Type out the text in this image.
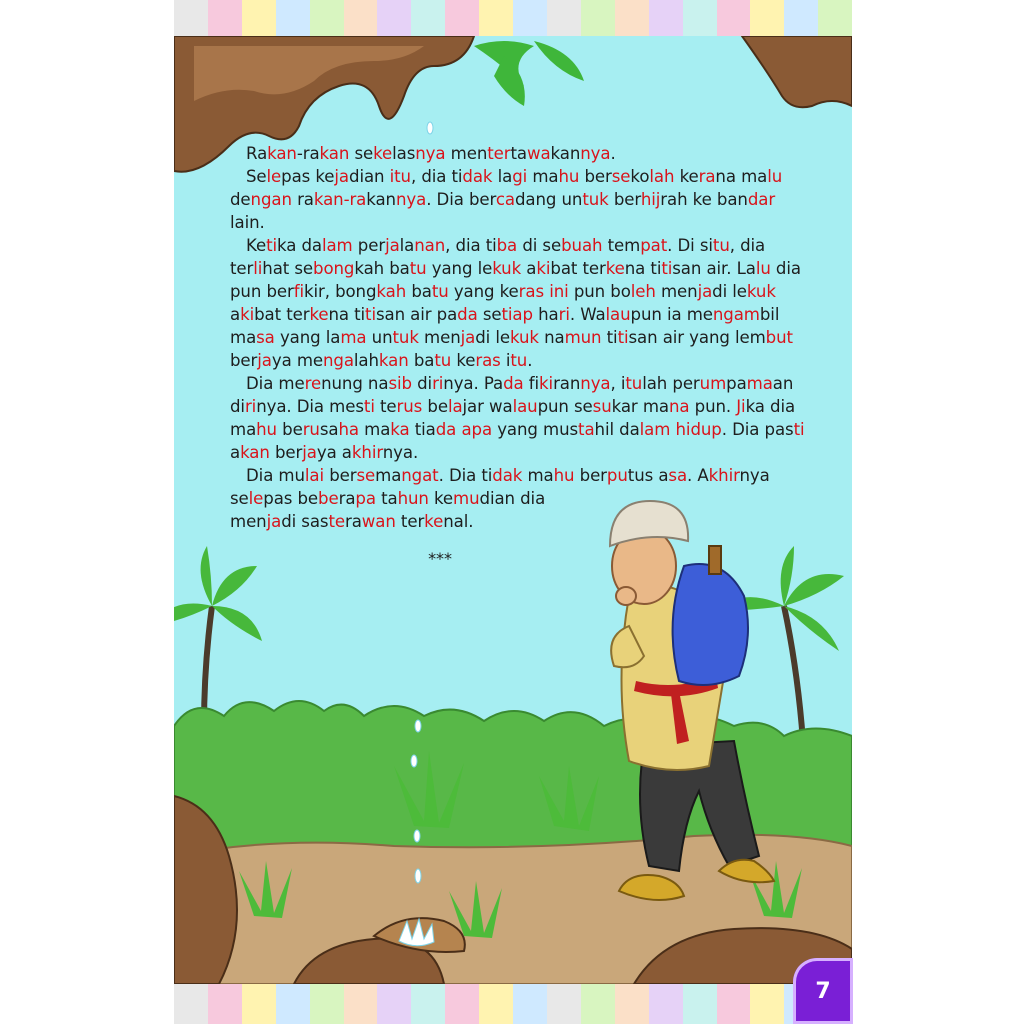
Rakan-rakan sekelasnya mentertawakannya.

Selepas kejadian itu, dia tidak lagi mahu bersekolah kerana malu dengan rakan-rakannya. Dia bercadang untuk berhijrah ke bandar lain.

Ketika dalam perjalanan, dia tiba di sebuah tempat. Di situ, dia terlihat sebongkah batu yang lekuk akibat terkena titisan air. Lalu dia pun berfikir, bongkah batu yang keras ini pun boleh menjadi lekuk akibat terkena titisan air pada setiap hari. Walaupun ia mengambil masa yang lama untuk menjadi lekuk namun titisan air yang lembut berjaya mengalahkan batu keras itu.

Dia merenung nasib dirinya. Pada fikirannya, itulah perumpamaan dirinya. Dia mesti terus belajar walaupun sesukar mana pun. Jika dia mahu berusaha maka tiada apa yang mustahil dalam hidup. Dia pasti akan berjaya akhirnya.

Dia mulai bersemangat. Dia tidak mahu berputus asa. Akhirnya

selepas beberapa tahun kemudian dia

menjadi sasterawan terkenal.

***

7
